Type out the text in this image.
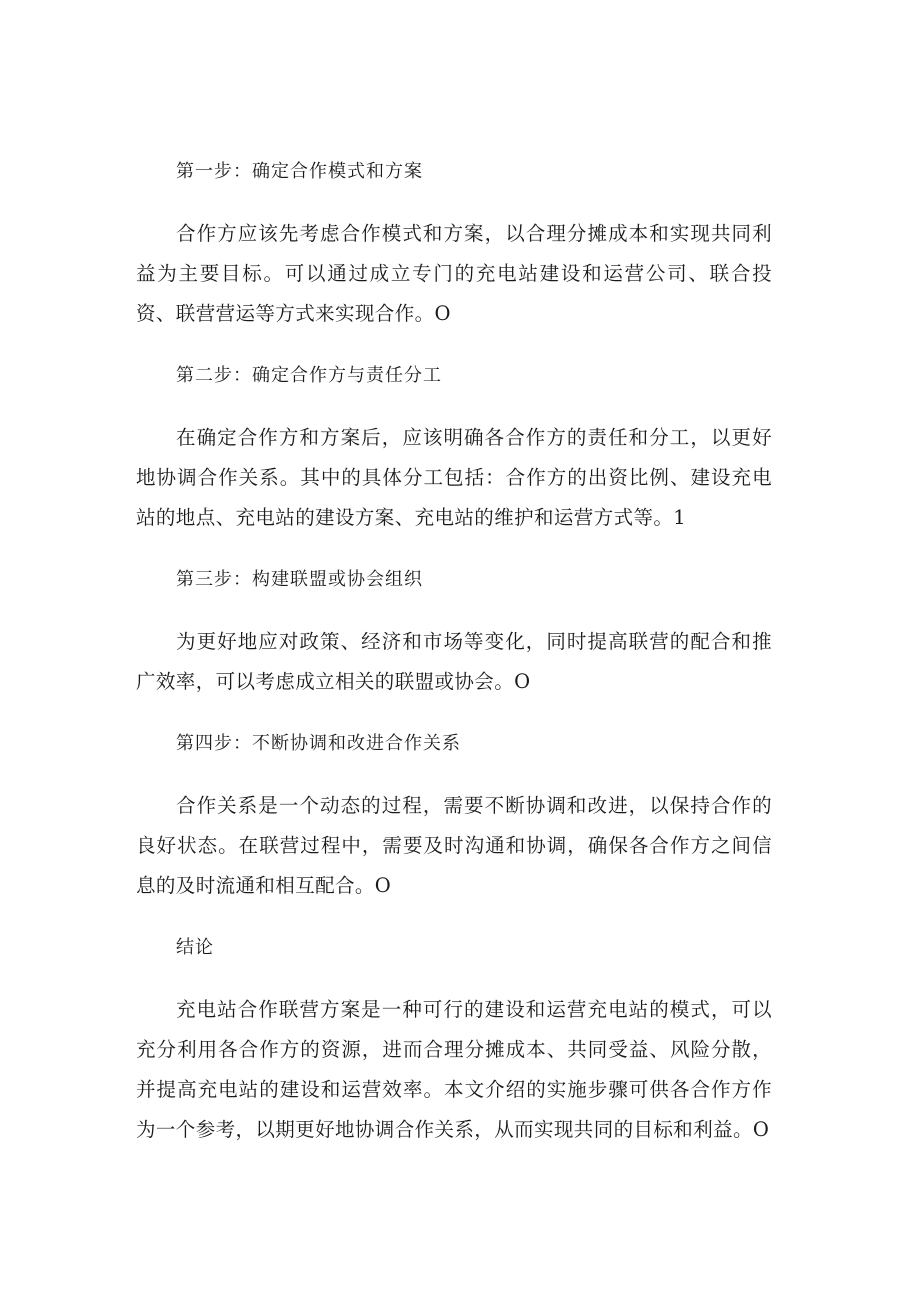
第一步：确定合作模式和方案

合作方应该先考虑合作模式和方案，以合理分摊成本和实现共同利益为主要目标。可以通过成立专门的充电站建设和运营公司、联合投资、联营营运等方式来实现合作。O

第二步：确定合作方与责任分工

在确定合作方和方案后，应该明确各合作方的责任和分工，以更好地协调合作关系。其中的具体分工包括：合作方的出资比例、建设充电站的地点、充电站的建设方案、充电站的维护和运营方式等。1

第三步：构建联盟或协会组织

为更好地应对政策、经济和市场等变化，同时提高联营的配合和推广效率，可以考虑成立相关的联盟或协会。O

第四步：不断协调和改进合作关系

合作关系是一个动态的过程，需要不断协调和改进，以保持合作的良好状态。在联营过程中，需要及时沟通和协调，确保各合作方之间信息的及时流通和相互配合。O

结论

充电站合作联营方案是一种可行的建设和运营充电站的模式，可以充分利用各合作方的资源，进而合理分摊成本、共同受益、风险分散，并提高充电站的建设和运营效率。本文介绍的实施步骤可供各合作方作为一个参考，以期更好地协调合作关系，从而实现共同的目标和利益。O
